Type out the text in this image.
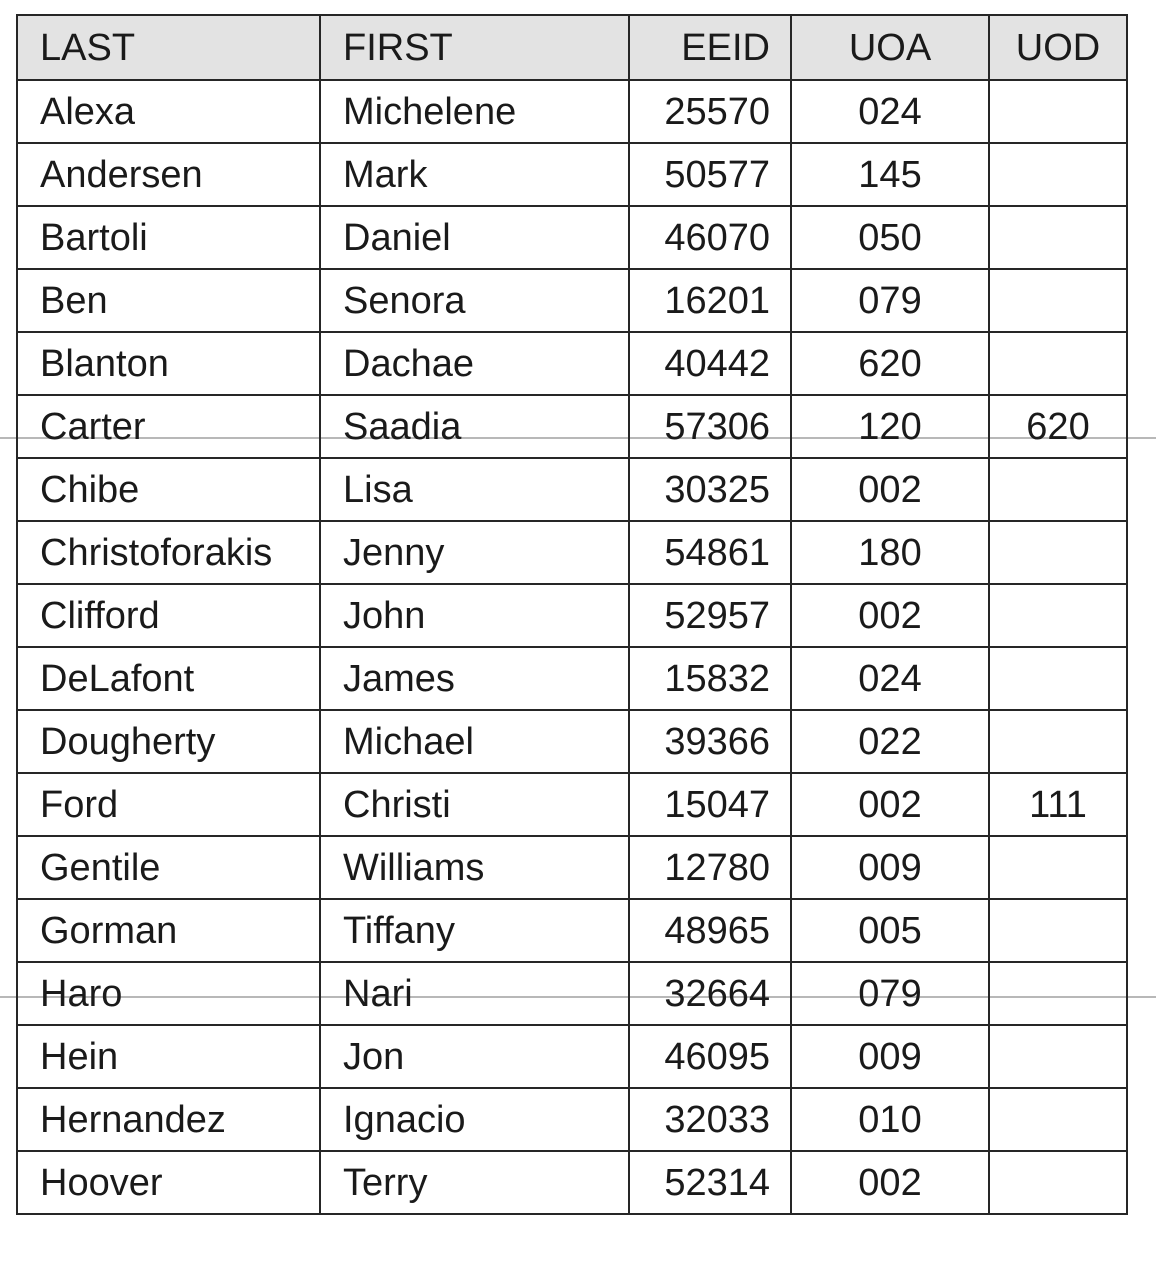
LAST	FIRST	EEID	UOA	UOD
Alexa	Michelene	25570	024	
Andersen	Mark	50577	145	
Bartoli	Daniel	46070	050	
Ben	Senora	16201	079	
Blanton	Dachae	40442	620	
Carter	Saadia	57306	120	620
Chibe	Lisa	30325	002	
Christoforakis	Jenny	54861	180	
Clifford	John	52957	002	
DeLafont	James	15832	024	
Dougherty	Michael	39366	022	
Ford	Christi	15047	002	111
Gentile	Williams	12780	009	
Gorman	Tiffany	48965	005	
Haro	Nari	32664	079	
Hein	Jon	46095	009	
Hernandez	Ignacio	32033	010	
Hoover	Terry	52314	002	
